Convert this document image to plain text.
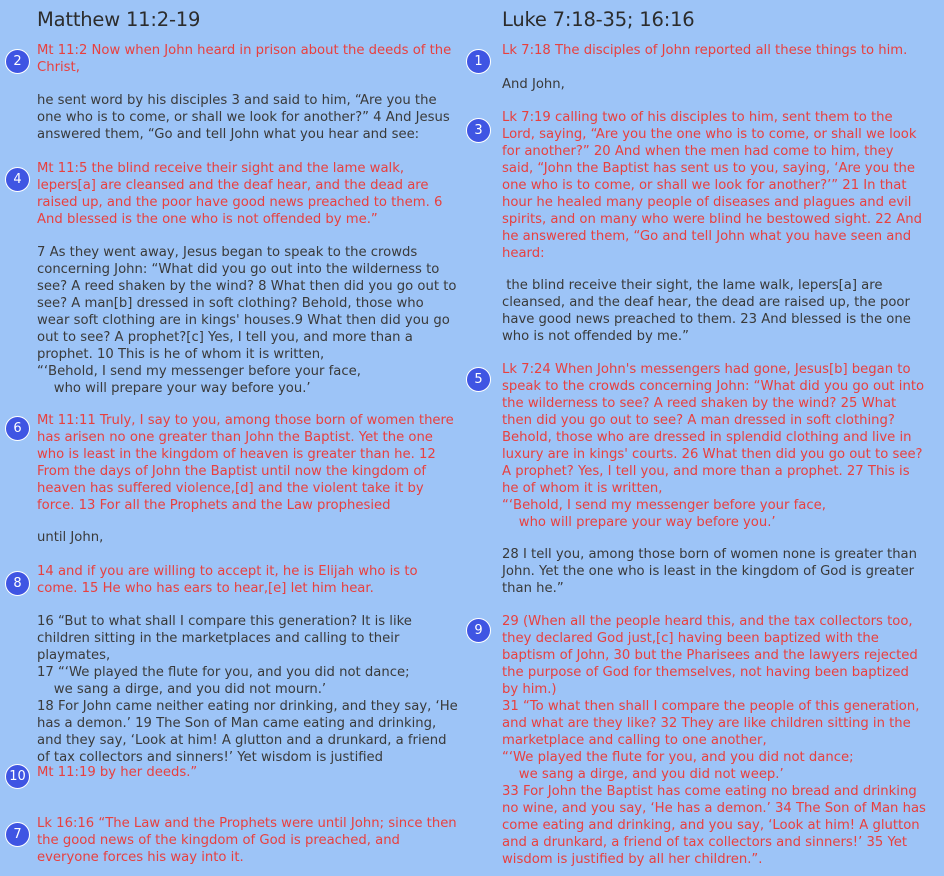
Matthew 11:2-19
Mt 11:2 Now when John heard in prison about the deeds of the Christ,
he sent word by his disciples 3 and said to him, “Are you the one who is to come, or shall we look for another?” 4 And Jesus answered them, “Go and tell John what you hear and see:
Mt 11:5 the blind receive their sight and the lame walk, lepers[a] are cleansed and the deaf hear, and the dead are raised up, and the poor have good news preached to them. 6 And blessed is the one who is not offended by me.”
7 As they went away, Jesus began to speak to the crowds concerning John: “What did you go out into the wilderness to see? A reed shaken by the wind? 8 What then did you go out to see? A man[b] dressed in soft clothing? Behold, those who wear soft clothing are in kings' houses.9 What then did you go out to see? A prophet?[c] Yes, I tell you, and more than a prophet. 10 This is he of whom it is written,
“‘Behold, I send my messenger before your face,
who will prepare your way before you.’
Mt 11:11 Truly, I say to you, among those born of women there has arisen no one greater than John the Baptist. Yet the one who is least in the kingdom of heaven is greater than he. 12 From the days of John the Baptist until now the kingdom of heaven has suffered violence,[d] and the violent take it by force. 13 For all the Prophets and the Law prophesied
until John,
14 and if you are willing to accept it, he is Elijah who is to come. 15 He who has ears to hear,[e] let him hear.
16 “But to what shall I compare this generation? It is like children sitting in the marketplaces and calling to their playmates,
17 “‘We played the flute for you, and you did not dance;
we sang a dirge, and you did not mourn.’
18 For John came neither eating nor drinking, and they say, ‘He has a demon.’ 19 The Son of Man came eating and drinking, and they say, ‘Look at him! A glutton and a drunkard, a friend of tax collectors and sinners!’ Yet wisdom is justified
Mt 11:19 by her deeds.”
Lk 16:16 “The Law and the Prophets were until John; since then the good news of the kingdom of God is preached, and everyone forces his way into it.
Luke 7:18-35; 16:16
Lk 7:18 The disciples of John reported all these things to him.
And John,
Lk 7:19 calling two of his disciples to him, sent them to the Lord, saying, “Are you the one who is to come, or shall we look for another?” 20 And when the men had come to him, they said, “John the Baptist has sent us to you, saying, ‘Are you the one who is to come, or shall we look for another?’” 21 In that hour he healed many people of diseases and plagues and evil spirits, and on many who were blind he bestowed sight. 22 And he answered them, “Go and tell John what you have seen and heard:
the blind receive their sight, the lame walk, lepers[a] are cleansed, and the deaf hear, the dead are raised up, the poor have good news preached to them. 23 And blessed is the one who is not offended by me.”
Lk 7:24 When John's messengers had gone, Jesus[b] began to speak to the crowds concerning John: “What did you go out into the wilderness to see? A reed shaken by the wind? 25 What then did you go out to see? A man dressed in soft clothing? Behold, those who are dressed in splendid clothing and live in luxury are in kings' courts. 26 What then did you go out to see? A prophet? Yes, I tell you, and more than a prophet. 27 This is he of whom it is written,
“‘Behold, I send my messenger before your face,
who will prepare your way before you.’
28 I tell you, among those born of women none is greater than John. Yet the one who is least in the kingdom of God is greater than he.”
29 (When all the people heard this, and the tax collectors too, they declared God just,[c] having been baptized with the baptism of John, 30 but the Pharisees and the lawyers rejected the purpose of God for themselves, not having been baptized by him.)
31 “To what then shall I compare the people of this generation, and what are they like? 32 They are like children sitting in the marketplace and calling to one another,
“‘We played the flute for you, and you did not dance;
we sang a dirge, and you did not weep.’
33 For John the Baptist has come eating no bread and drinking no wine, and you say, ‘He has a demon.’ 34 The Son of Man has come eating and drinking, and you say, ‘Look at him! A glutton and a drunkard, a friend of tax collectors and sinners!’ 35 Yet wisdom is justified by all her children.”.
2
4
6
8
10
7
1
3
5
9
